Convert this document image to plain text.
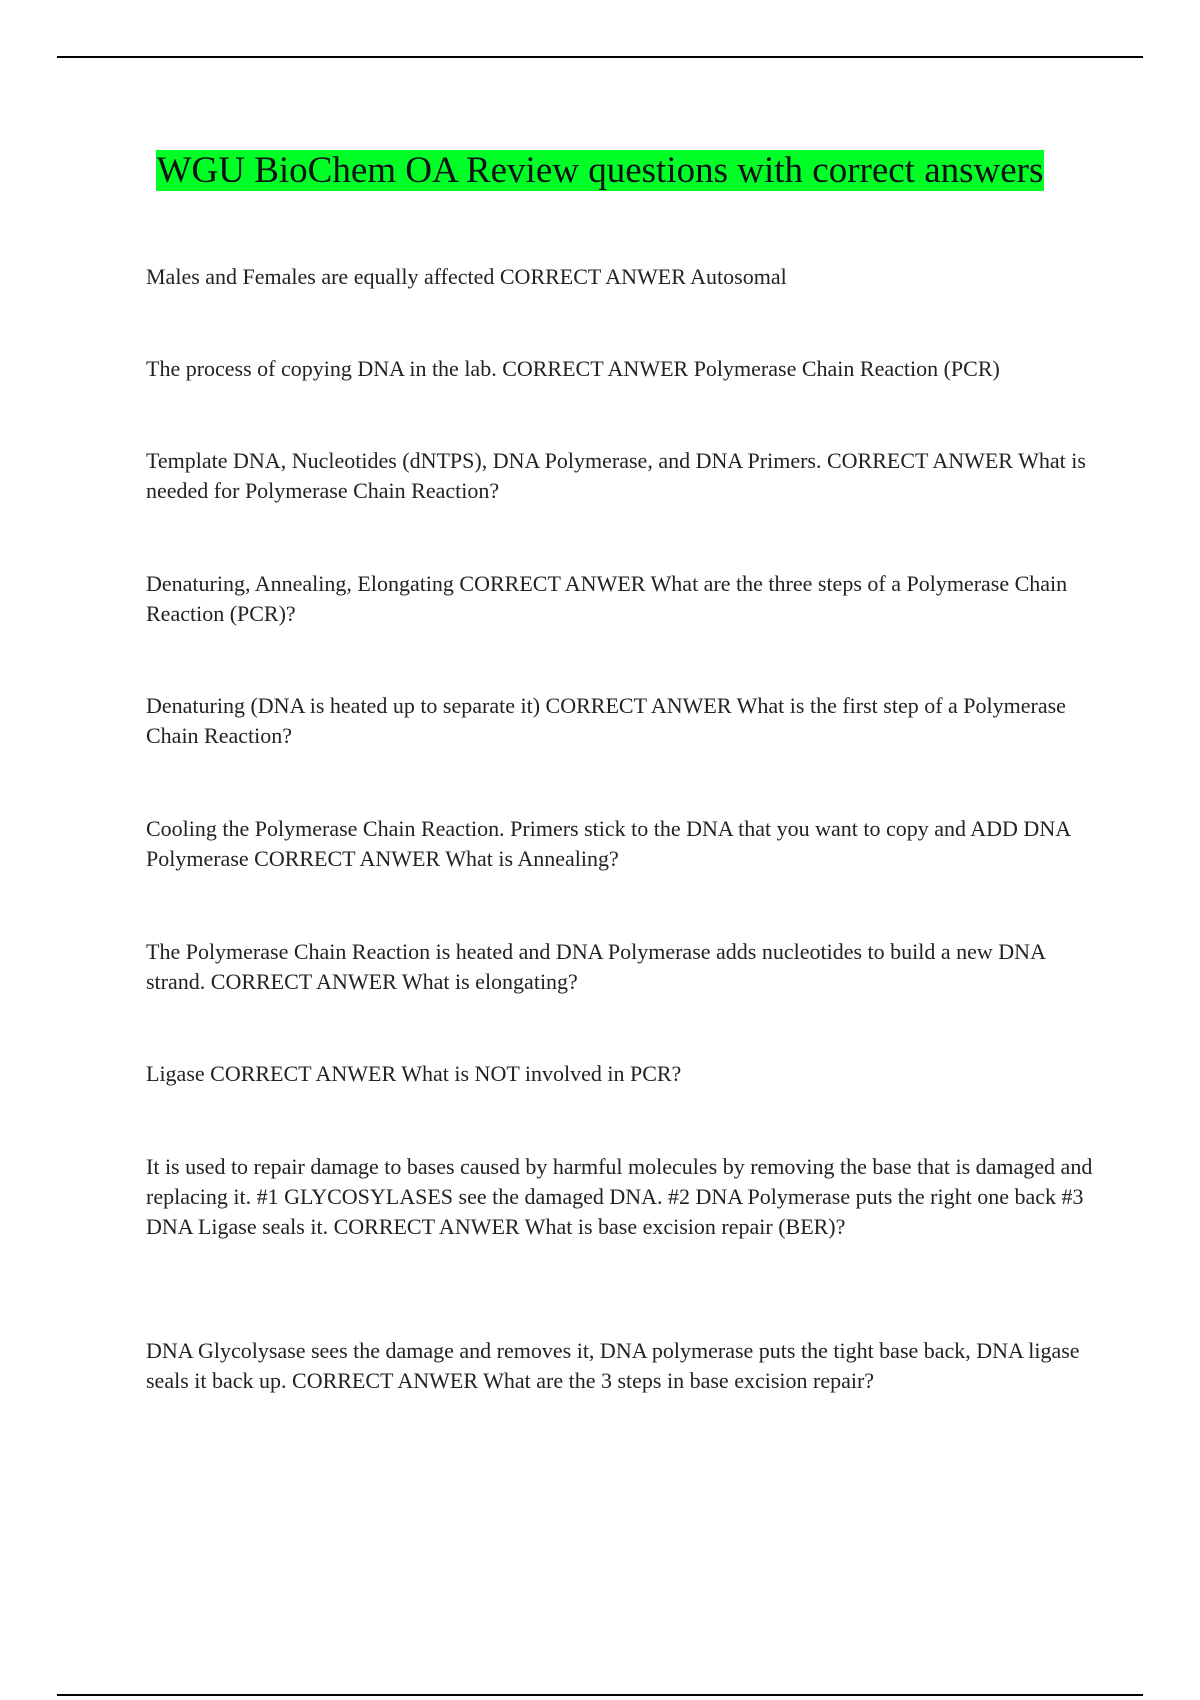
WGU BioChem OA Review questions with correct answers

Males and Females are equally affected CORRECT ANWER Autosomal

The process of copying DNA in the lab. CORRECT ANWER Polymerase Chain Reaction (PCR)

Template DNA, Nucleotides (dNTPS), DNA Polymerase, and DNA Primers. CORRECT ANWER What is needed for Polymerase Chain Reaction?

Denaturing, Annealing, Elongating CORRECT ANWER What are the three steps of a Polymerase Chain Reaction (PCR)?

Denaturing (DNA is heated up to separate it) CORRECT ANWER What is the first step of a Polymerase Chain Reaction?

Cooling the Polymerase Chain Reaction. Primers stick to the DNA that you want to copy and ADD DNA Polymerase CORRECT ANWER What is Annealing?

The Polymerase Chain Reaction is heated and DNA Polymerase adds nucleotides to build a new DNA strand. CORRECT ANWER What is elongating?

Ligase CORRECT ANWER What is NOT involved in PCR?

It is used to repair damage to bases caused by harmful molecules by removing the base that is damaged and replacing it. #1 GLYCOSYLASES see the damaged DNA. #2 DNA Polymerase puts the right one back #3 DNA Ligase seals it. CORRECT ANWER What is base excision repair (BER)?

DNA Glycolysase sees the damage and removes it, DNA polymerase puts the tight base back, DNA ligase seals it back up. CORRECT ANWER What are the 3 steps in base excision repair?
